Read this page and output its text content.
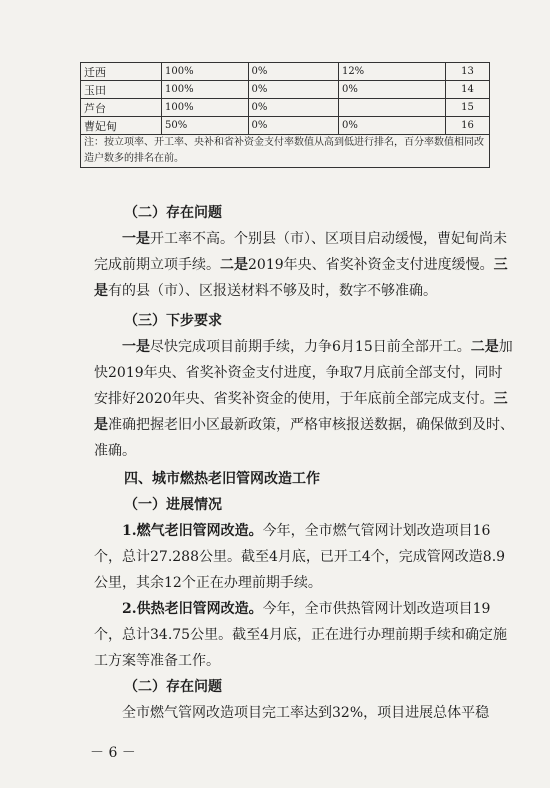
迁西	100%	0%	12%	13
玉田	100%	0%	0%	14
芦台	100%	0%		15
曹妃甸	50%	0%	0%	16
注：按立项率、开工率、央补和省补资金支付率数值从高到低进行排名，百分率数值相同改造户数多的排名在前。				
（二）存在问题
一是开工率不高。个别县（市）、区项目启动缓慢，曹妃甸尚未完成前期立项手续。二是2019年央、省奖补资金支付进度缓慢。三是有的县（市）、区报送材料不够及时，数字不够准确。
（三）下步要求
一是尽快完成项目前期手续，力争6月15日前全部开工。二是加快2019年央、省奖补资金支付进度，争取7月底前全部支付，同时安排好2020年央、省奖补资金的使用，于年底前全部完成支付。三是准确把握老旧小区最新政策，严格审核报送数据，确保做到及时、准确。
四、城市燃热老旧管网改造工作
（一）进展情况
1.燃气老旧管网改造。今年，全市燃气管网计划改造项目16个，总计27.288公里。截至4月底，已开工4个，完成管网改造8.9公里，其余12个正在办理前期手续。
2.供热老旧管网改造。今年，全市供热管网计划改造项目19个，总计34.75公里。截至4月底，正在进行办理前期手续和确定施工方案等准备工作。
（二）存在问题
全市燃气管网改造项目完工率达到32%，项目进展总体平稳
－ 6 －
